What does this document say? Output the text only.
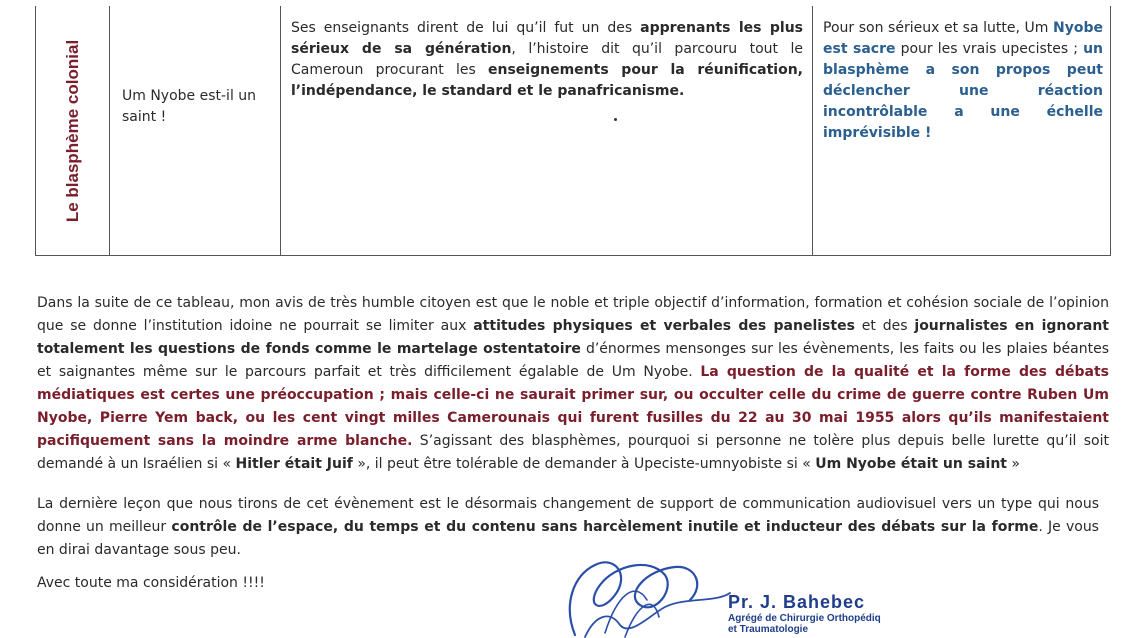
Le blasphème colonial	Um Nyobe est-il un saint !
Ses enseignants dirent de lui qu’il fut un des apprenants les plus sérieux de sa génération, l’histoire dit qu’il parcouru tout le Cameroun procurant les enseignements pour la réunification, l’indépendance, le standard et le panafricanisme.
Pour son sérieux et sa lutte, Um Nyobe est sacre pour les vrais upecistes ; un blasphème a son propos peut déclencher une réaction incontrôlable a une échelle imprévisible !
Dans la suite de ce tableau, mon avis de très humble citoyen est que le noble et triple objectif d’information, formation et cohésion sociale de l’opinion que se donne l’institution idoine ne pourrait se limiter aux attitudes physiques et verbales des panelistes et des journalistes en ignorant totalement les questions de fonds comme le martelage ostentatoire d’énormes mensonges sur les évènements, les faits ou les plaies béantes et saignantes même sur le parcours parfait et très difficilement égalable de Um Nyobe. La question de la qualité et la forme des débats médiatiques est certes une préoccupation ; mais celle-ci ne saurait primer sur, ou occulter celle du crime de guerre contre Ruben Um Nyobe, Pierre Yem back, ou les cent vingt milles Camerounais qui furent fusilles du 22 au 30 mai 1955 alors qu’ils manifestaient pacifiquement sans la moindre arme blanche. S’agissant des blasphèmes, pourquoi si personne ne tolère plus depuis belle lurette qu’il soit demandé à un Israélien si « Hitler était Juif », il peut être tolérable de demander à Upeciste-umnyobiste si « Um Nyobe était un saint »
La dernière leçon que nous tirons de cet évènement est le désormais changement de support de communication audiovisuel vers un type qui nous donne un meilleur contrôle de l’espace, du temps et du contenu sans harcèlement inutile et inducteur des débats sur la forme. Je vous en dirai davantage sous peu.
Avec toute ma considération !!!!
Pr. J. Bahebec
Agrégé de Chirurgie Orthopédiq
et Traumatologie
